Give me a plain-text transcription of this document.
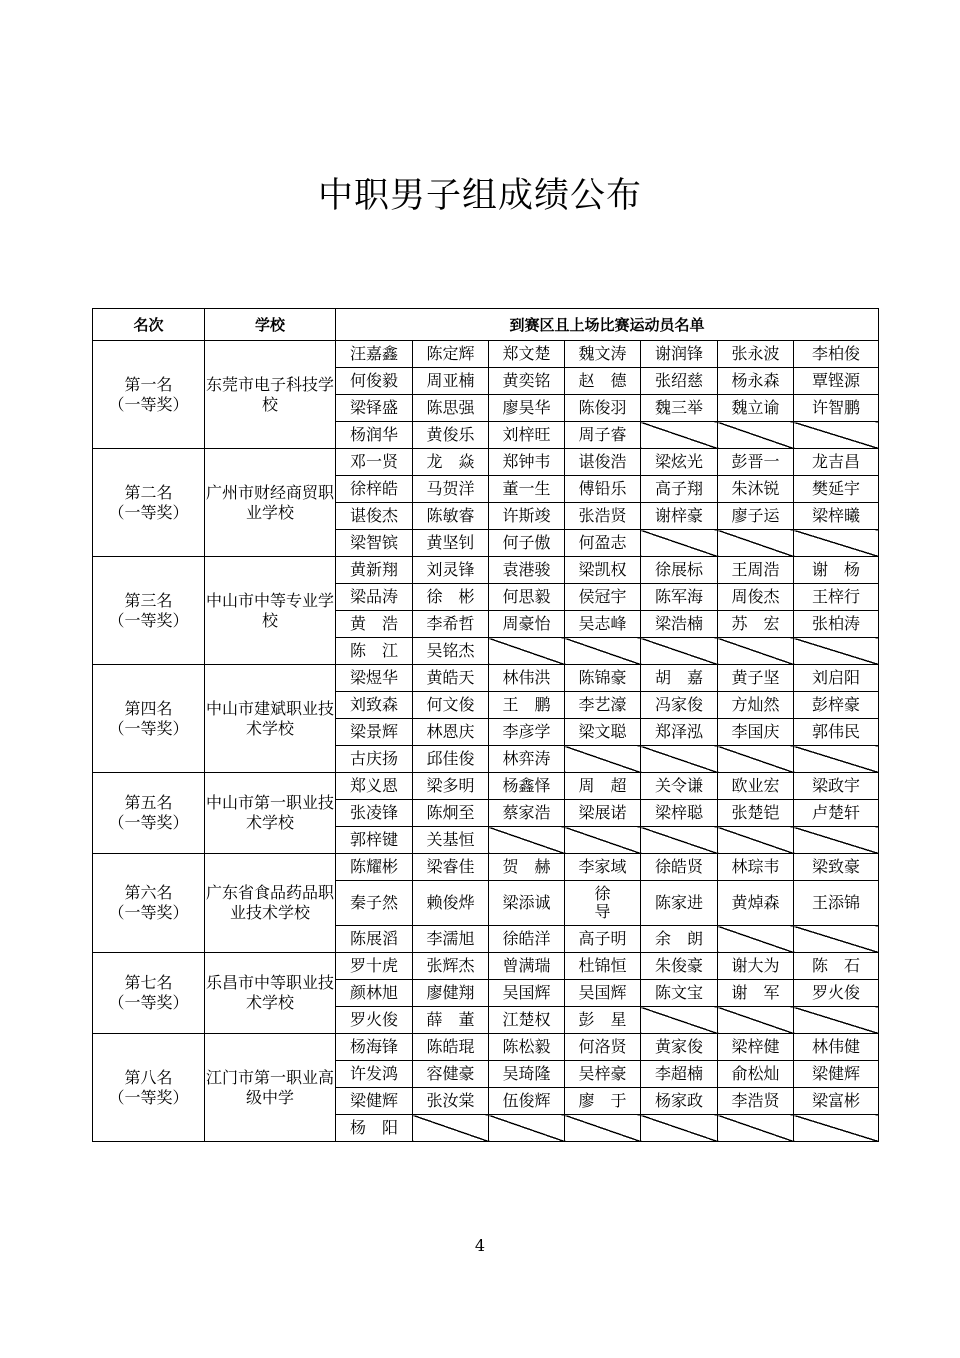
中职男子组成绩公布
名次	学校	到赛区且上场比赛运动员名单						

第一名
（一等奖）	东莞市电子科技学校	汪嘉鑫	陈定辉	郑文楚	魏文涛	谢润锋	张永波	李柏俊
		何俊毅	周亚楠	黄奕铭	赵　德	张绍慈	杨永森	覃铿源
		梁铎盛	陈思强	廖昊华	陈俊羽	魏三举	魏立谕	许智鹏
		杨润华	黄俊乐	刘梓旺	周子睿			

第二名
（一等奖）	广州市财经商贸职业学校	邓一贤	龙　焱	郑钟韦	谌俊浩	梁炫光	彭晋一	龙吉昌
		徐梓皓	马贺洋	董一生	傅铅乐	高子翔	朱沐锐	樊延宇
		谌俊杰	陈敏睿	许斯竣	张浩贤	谢梓豪	廖子运	梁梓曦
		梁智镔	黄坚钊	何子傲	何盈志			

第三名
（一等奖）	中山市中等专业学校	黄新翔	刘灵锋	袁港骏	梁凯权	徐展标	王周浩	谢　杨
		梁品涛	徐　彬	何思毅	侯冠宇	陈军海	周俊杰	王梓行
		黄　浩	李希哲	周豪怡	吴志峰	梁浩楠	苏　宏	张柏涛
		陈　江	吴铭杰					

第四名
（一等奖）	中山市建斌职业技术学校	梁煜华	黄皓天	林伟洪	陈锦豪	胡　嘉	黄子坚	刘启阳
		刘致森	何文俊	王　鹏	李艺濠	冯家俊	方灿然	彭梓豪
		梁景辉	林恩庆	李彦学	梁文聪	郑泽泓	李国庆	郭伟民
		古庆扬	邱佳俊	林弈涛				

第五名
（一等奖）	中山市第一职业技术学校	郑义恩	梁多明	杨鑫怿	周　超	关令谦	欧业宏	梁政宇
		张凌锋	陈炯至	蔡家浩	梁展诺	梁梓聪	张楚铠	卢楚轩
		郭梓键	关基恒					

第六名
（一等奖）	广东省食品药品职业技术学校	陈耀彬	梁睿佳	贺　赫	李家域	徐皓贤	林琮韦	梁致豪
		秦子然	赖俊烨	梁添诚	徐导	陈家进	黄焯森	王添锦
		陈展滔	李濡旭	徐皓洋	高子明	余　朗		

第七名
（一等奖）	乐昌市中等职业技术学校	罗十虎	张辉杰	曾满瑞	杜锦恒	朱俊豪	谢大为	陈　石
		颜林旭	廖健翔	吴国辉	吴国辉	陈文宝	谢　军	罗火俊
		罗火俊	薛　董	江楚权	彭　星			

第八名
（一等奖）	江门市第一职业高级中学	杨海锋	陈皓琨	陈松毅	何洛贤	黄家俊	梁梓健	林伟健
		许发鸿	容健豪	吴琦隆	吴梓豪	李超楠	俞松灿	梁健辉
		梁健辉	张汝棠	伍俊辉	廖　于	杨家政	李浩贤	梁富彬
		杨　阳						
4
